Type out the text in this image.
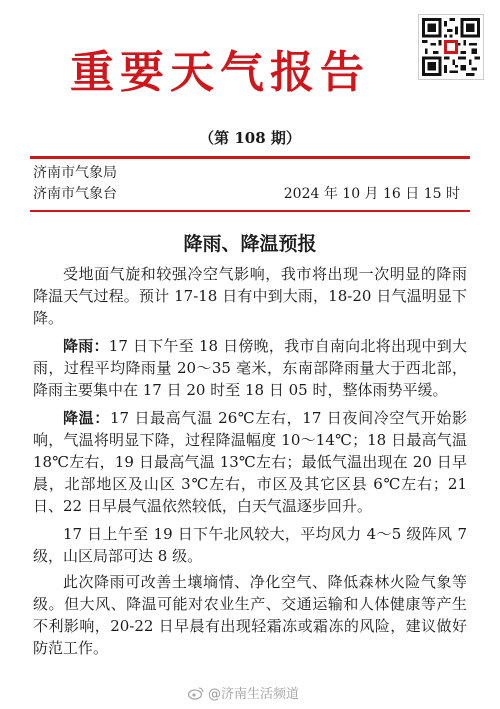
重要天气报告
（第 108 期）
济南市气象局
济南市气象台	2024 年 10 月 16 日 15 时
降雨、降温预报

受地面气旋和较强冷空气影响，我市将出现一次明显的降雨降温天气过程。预计 17-18 日有中到大雨，18-20 日气温明显下降。

降雨：17 日下午至 18 日傍晚，我市自南向北将出现中到大雨，过程平均降雨量 20～35 毫米，东南部降雨量大于西北部，降雨主要集中在 17 日 20 时至 18 日 05 时，整体雨势平缓。

降温：17 日最高气温 26℃左右，17 日夜间冷空气开始影响，气温将明显下降，过程降温幅度 10～14℃；18 日最高气温 18℃左右，19 日最高气温 13℃左右；最低气温出现在 20 日早晨，北部地区及山区 3℃左右，市区及其它区县 6℃左右；21 日、22 日早晨气温依然较低，白天气温逐步回升。

17 日上午至 19 日下午北风较大，平均风力 4～5 级阵风 7 级，山区局部可达 8 级。

此次降雨可改善土壤墒情、净化空气、降低森林火险气象等级。但大风、降温可能对农业生产、交通运输和人体健康等产生不利影响，20-22 日早晨有出现轻霜冻或霜冻的风险，建议做好防范工作。

@济南生活频道
